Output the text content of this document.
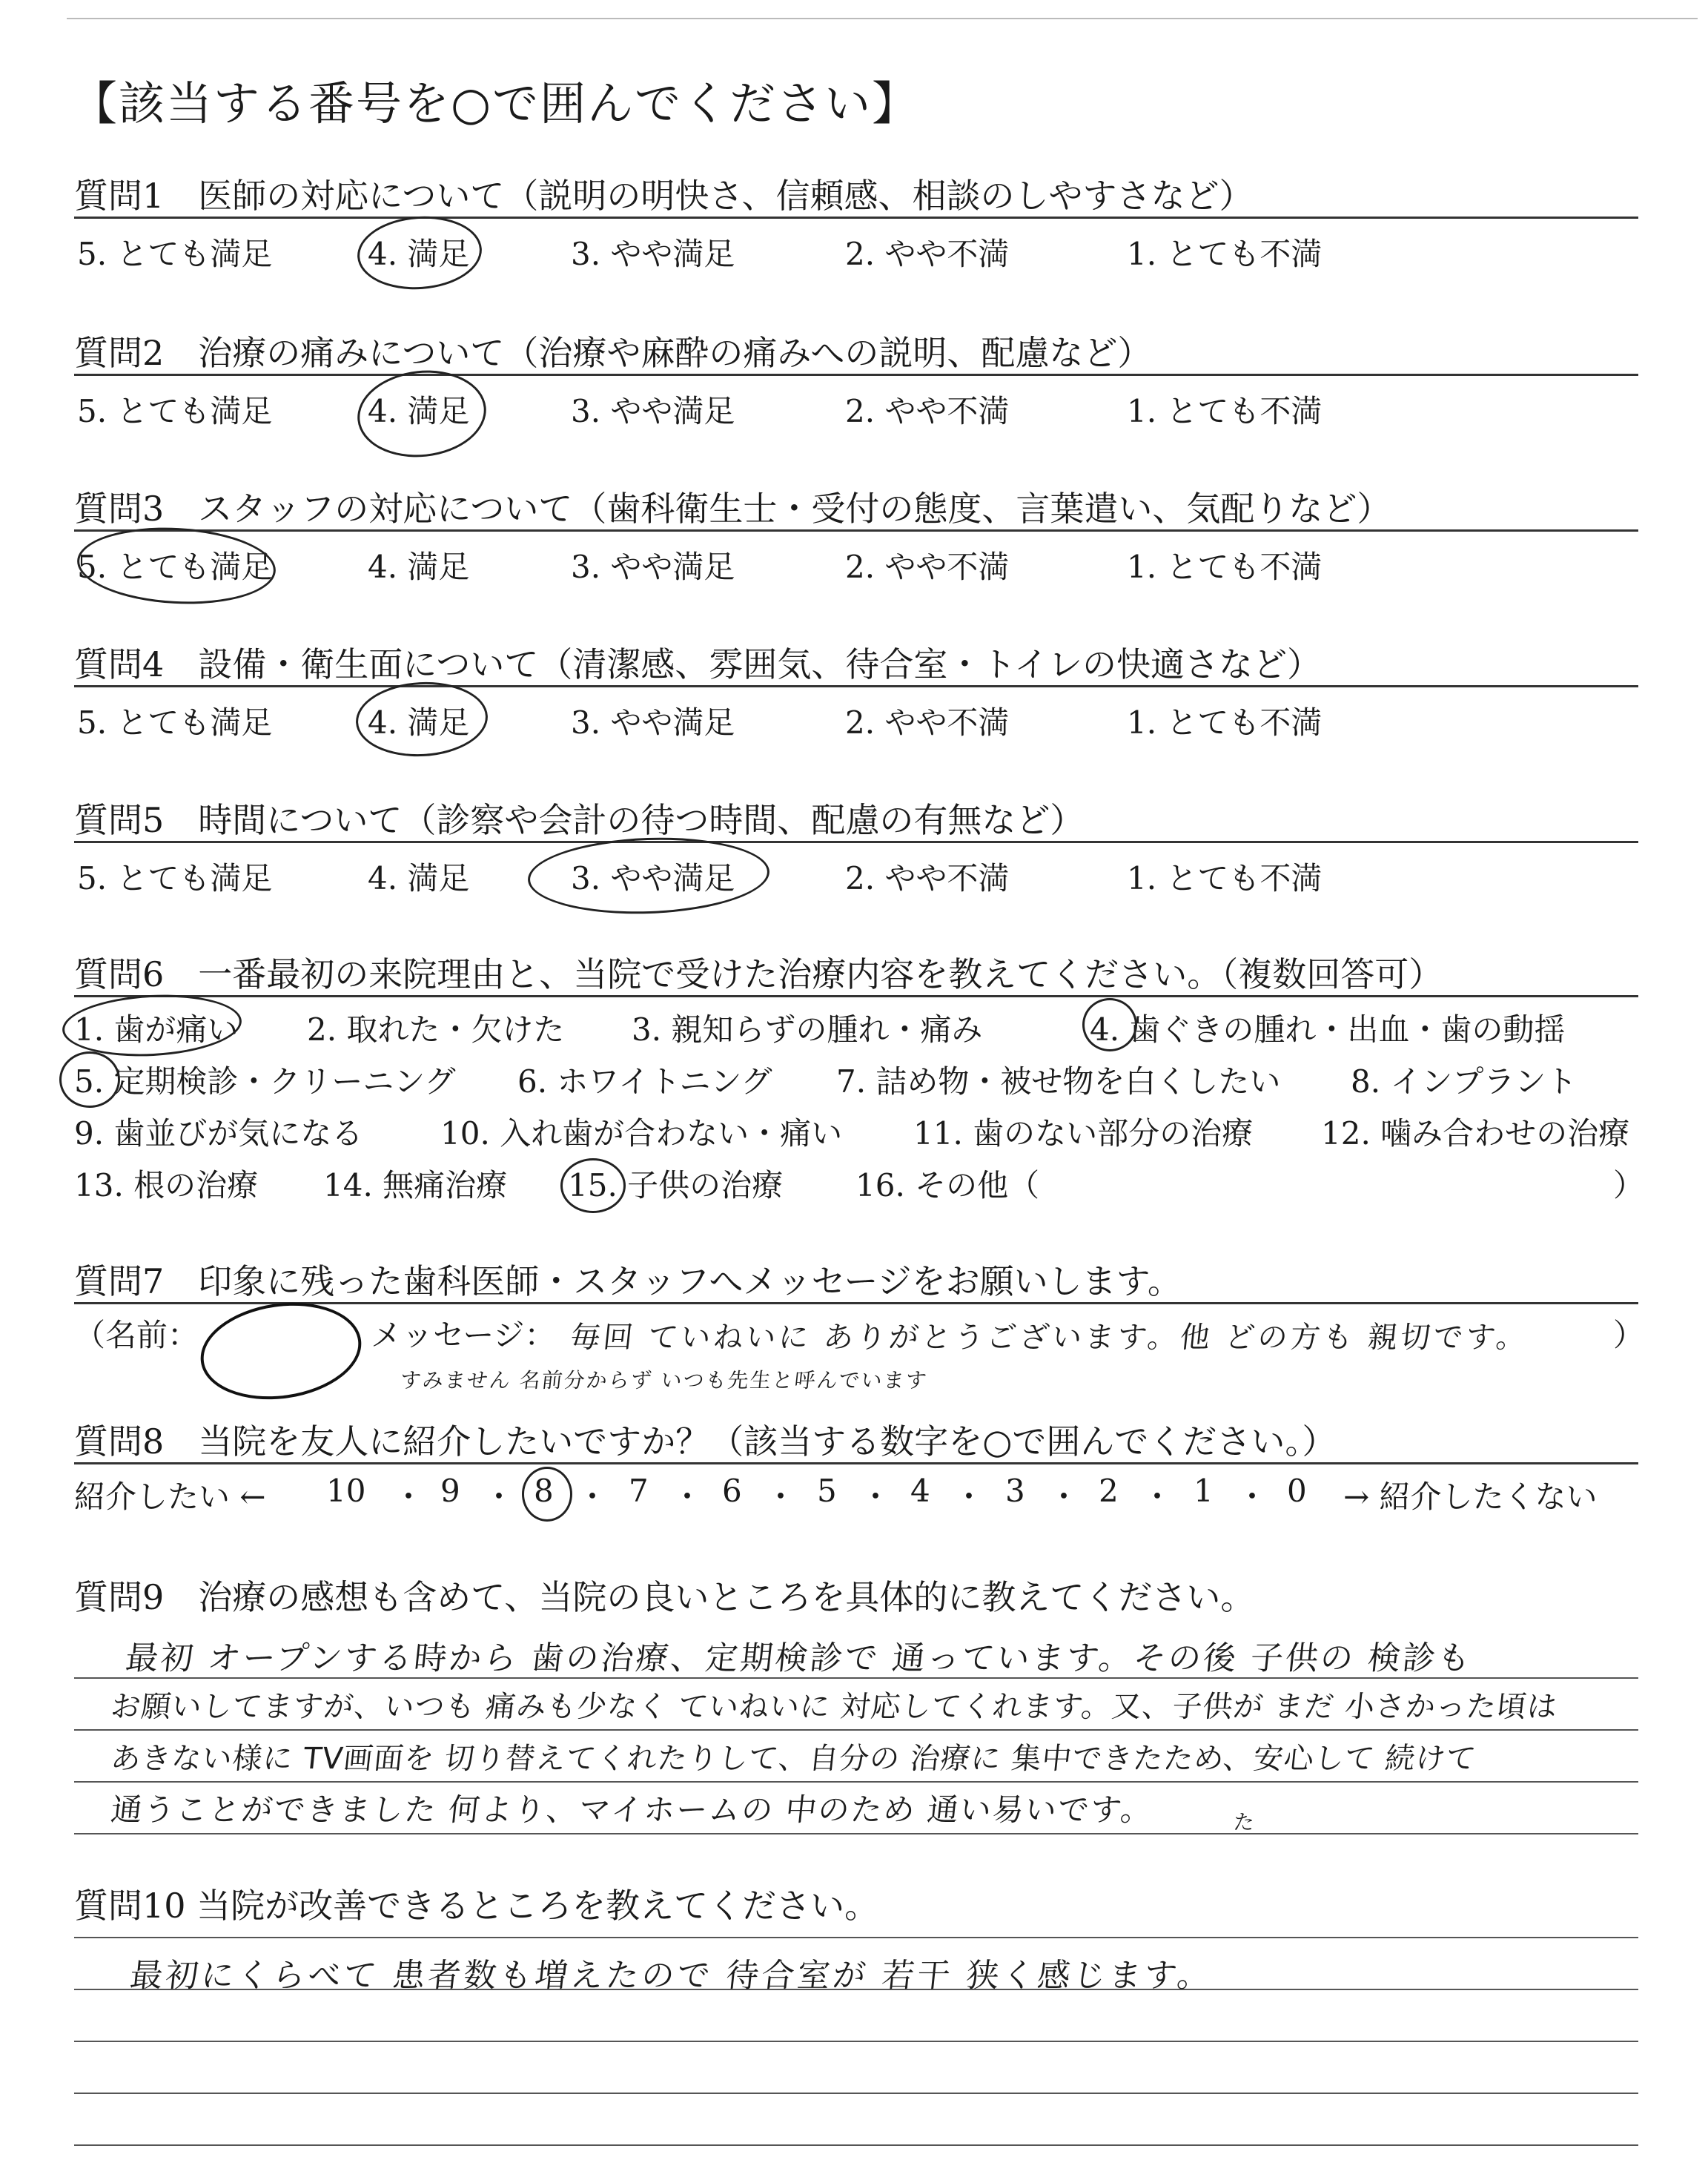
【該当する番号を○で囲んでください】
質問1　医師の対応について（説明の明快さ、信頼感、相談のしやすさなど）
5. とても満足	4. 満足	3. やや満足	2. やや不満	1. とても不満
質問2　治療の痛みについて（治療や麻酔の痛みへの説明、配慮など）
5. とても満足	4. 満足	3. やや満足	2. やや不満	1. とても不満
質問3　スタッフの対応について（歯科衛生士・受付の態度、言葉遣い、気配りなど）
5. とても満足	4. 満足	3. やや満足	2. やや不満	1. とても不満
質問4　設備・衛生面について（清潔感、雰囲気、待合室・トイレの快適さなど）
5. とても満足	4. 満足	3. やや満足	2. やや不満	1. とても不満
質問5　時間について（診察や会計の待つ時間、配慮の有無など）
5. とても満足	4. 満足	3. やや満足	2. やや不満	1. とても不満
質問6　一番最初の来院理由と、当院で受けた治療内容を教えてください。（複数回答可）
1. 歯が痛い 2. 取れた・欠けた 3. 親知らずの腫れ・痛み	4. 歯ぐきの腫れ・出血・歯の動揺
5. 定期検診・クリーニング 6. ホワイトニング 7. 詰め物・被せ物を白くしたい 8. インプラント
9. 歯並びが気になる 10. 入れ歯が合わない・痛い 11. 歯のない部分の治療 12. 噛み合わせの治療
13. 根の治療 14. 無痛治療 15. 子供の治療 16. その他（	）
質問7　印象に残った歯科医師・スタッフへメッセージをお願いします。
（名前：	メッセージ：	）
毎回 ていねいに ありがとうございます。他 どの方も 親切です。
すみません 名前分からず いつも先生と呼んでいます
質問8　当院を友人に紹介したいですか？（該当する数字を○で囲んでください。）
紹介したい ← 10 ・ 9 ・ 8 ・ 7 ・ 6 ・ 5 ・ 4 ・ 3 ・ 2 ・ 1 ・ 0 → 紹介したくない
質問9　治療の感想も含めて、当院の良いところを具体的に教えてください。
最初 オープンする時から 歯の治療、定期検診で 通っています。その後 子供の 検診も
お願いしてますが、いつも 痛みも少なく ていねいに 対応してくれます。又、子供が まだ 小さかった頃は
あきない様に TV画面を 切り替えてくれたりして、自分の 治療に 集中できたため、安心して 続けて
通うことができました 何より、マイホームの 中のため 通い易いです。	た
質問10 当院が改善できるところを教えてください。
最初にくらべて 患者数も増えたので 待合室が 若干 狭く感じます。
